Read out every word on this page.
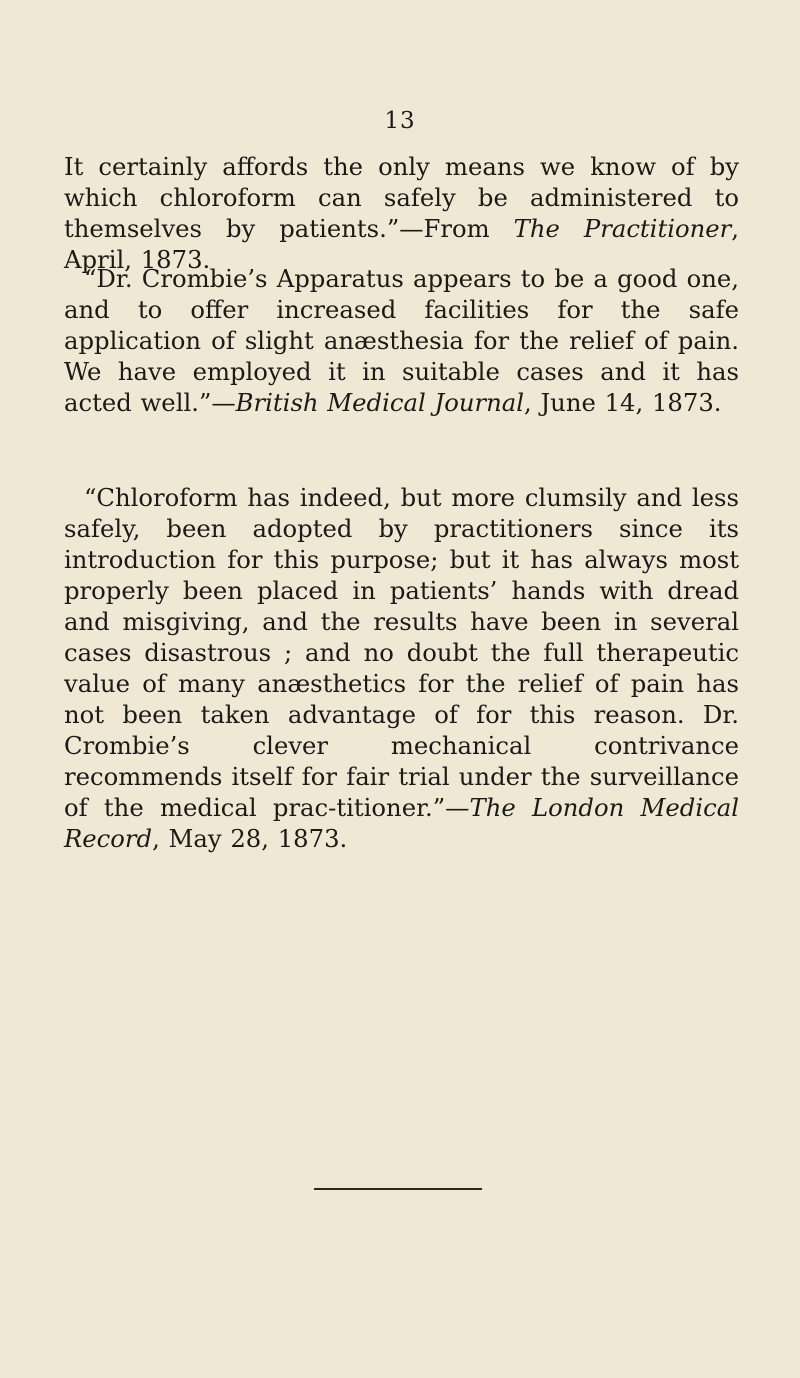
13

It certainly affords the only means we know of by which chloroform can safely be administered to themselves by patients.”—From The Practitioner, April, 1873.

“Dr. Crombie’s Apparatus appears to be a good one, and to offer increased facilities for the safe application of slight anæsthesia for the relief of pain. We have employed it in suitable cases and it has acted well.”—British Medical Journal, June 14, 1873.

“Chloroform has indeed, but more clumsily and less safely, been adopted by practitioners since its introduction for this purpose; but it has always most properly been placed in patients’ hands with dread and misgiving, and the results have been in several cases disastrous ; and no doubt the full therapeutic value of many anæsthetics for the relief of pain has not been taken advantage of for this reason. Dr. Crombie’s clever mechanical contrivance recommends itself for fair trial under the surveillance of the medical prac-titioner.”—The London Medical Record, May 28, 1873.
